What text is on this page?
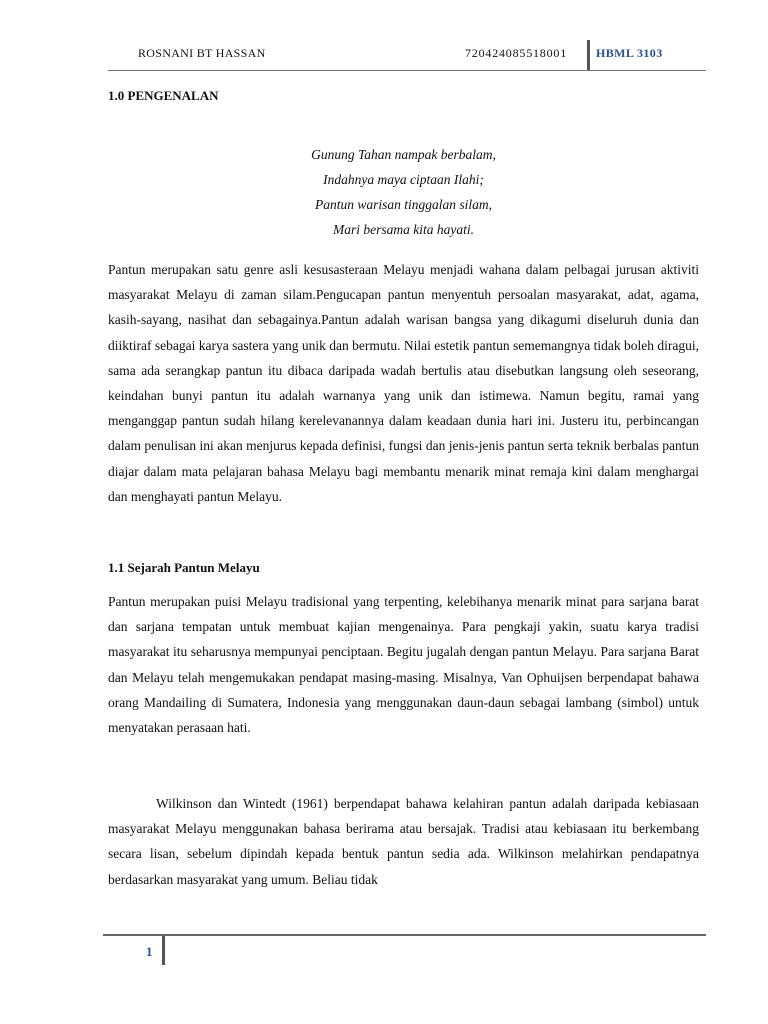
ROSNANI BT HASSAN	720424085518001 HBML 3103

1.0 PENGENALAN

Gunung Tahan nampak berbalam,
Indahnya maya ciptaan Ilahi;
Pantun warisan tinggalan silam,
Mari bersama kita hayati.

Pantun merupakan satu genre asli kesusasteraan Melayu menjadi wahana dalam pelbagai jurusan aktiviti masyarakat Melayu di zaman silam.Pengucapan pantun menyentuh persoalan masyarakat, adat, agama, kasih-sayang, nasihat dan sebagainya.Pantun adalah warisan bangsa yang dikagumi diseluruh dunia dan diiktiraf sebagai karya sastera yang unik dan bermutu. Nilai estetik pantun sememangnya tidak boleh diragui, sama ada serangkap pantun itu dibaca daripada wadah bertulis atau disebutkan langsung oleh seseorang, keindahan bunyi pantun itu adalah warnanya yang unik dan istimewa. Namun begitu, ramai yang menganggap pantun sudah hilang kerelevanannya dalam keadaan dunia hari ini. Justeru itu, perbincangan dalam penulisan ini akan menjurus kepada definisi, fungsi dan jenis-jenis pantun serta teknik berbalas pantun diajar dalam mata pelajaran bahasa Melayu bagi membantu menarik minat remaja kini dalam menghargai dan menghayati pantun Melayu.

1.1 Sejarah Pantun Melayu

Pantun merupakan puisi Melayu tradisional yang terpenting, kelebihanya menarik minat para sarjana barat dan sarjana tempatan untuk membuat kajian mengenainya. Para pengkaji yakin, suatu karya tradisi masyarakat itu seharusnya mempunyai penciptaan. Begitu jugalah dengan pantun Melayu. Para sarjana Barat dan Melayu telah mengemukakan pendapat masing-masing. Misalnya, Van Ophuijsen berpendapat bahawa orang Mandailing di Sumatera, Indonesia yang menggunakan daun-daun sebagai lambang (simbol) untuk menyatakan perasaan hati.

Wilkinson dan Wintedt (1961) berpendapat bahawa kelahiran pantun adalah daripada kebiasaan masyarakat Melayu menggunakan bahasa berirama atau bersajak. Tradisi atau kebiasaan itu berkembang secara lisan, sebelum dipindah kepada bentuk pantun sedia ada. Wilkinson melahirkan pendapatnya berdasarkan masyarakat yang umum. Beliau tidak

1
